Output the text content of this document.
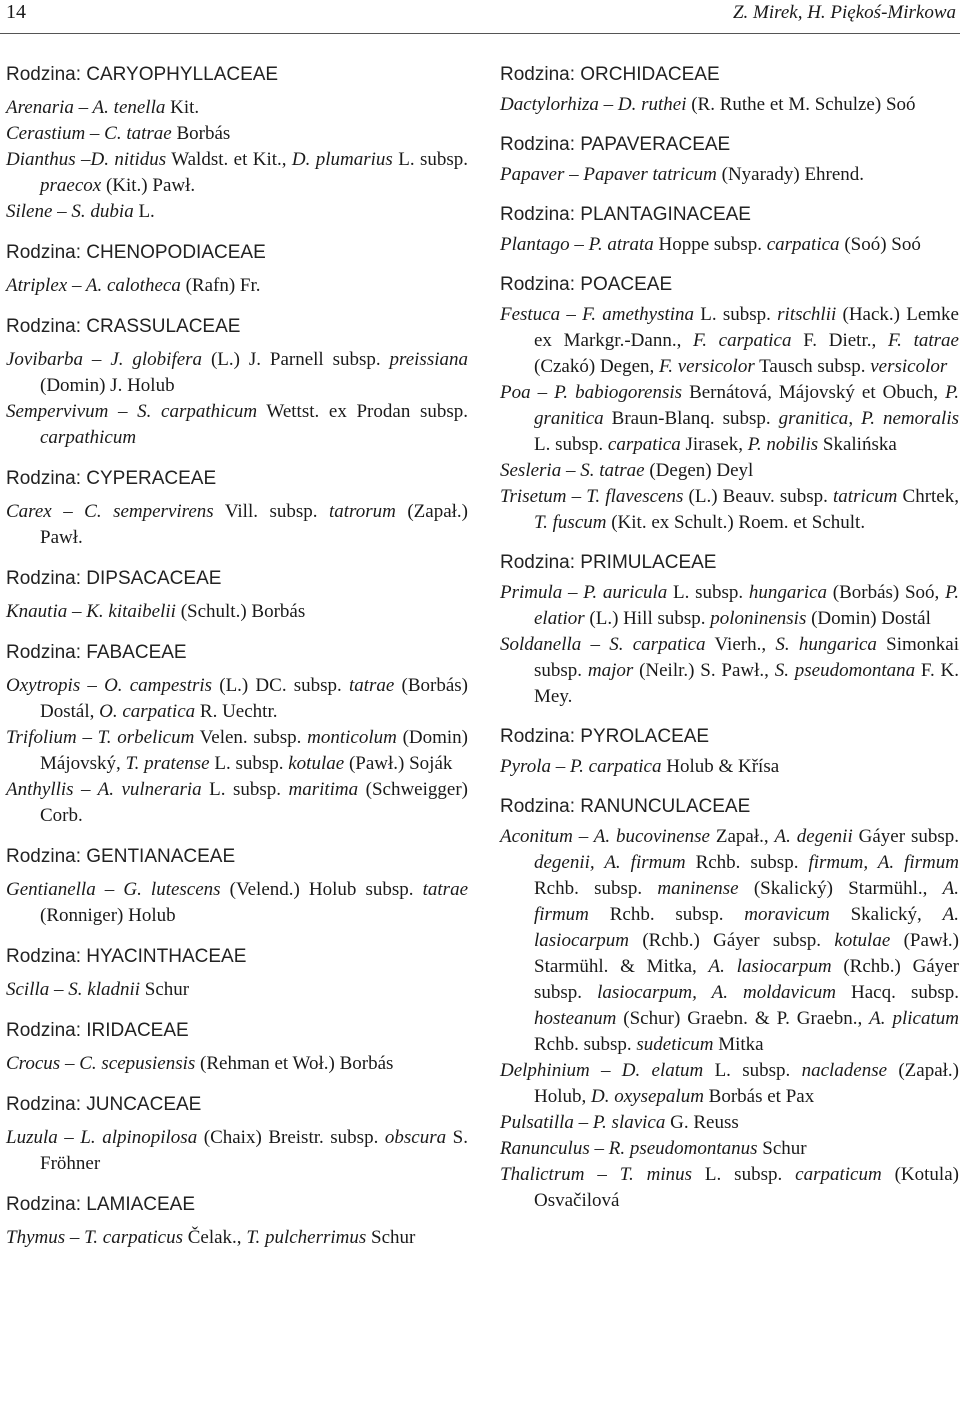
14	Z. Mirek, H. Piękoś-Mirkowa
Rodzina: CARYOPHYLLACEAE

Arenaria – A. tenella Kit.

Cerastium – C. tatrae Borbás

Dianthus –D. nitidus Waldst. et Kit., D. plumarius L. subsp. praecox (Kit.) Pawł.

Silene – S. dubia L.

Rodzina: CHENOPODIACEAE

Atriplex – A. calotheca (Rafn) Fr.

Rodzina: CRASSULACEAE

Jovibarba – J. globifera (L.) J. Parnell subsp. preissiana (Domin) J. Holub

Sempervivum – S. carpathicum Wettst. ex Prodan subsp. carpathicum

Rodzina: CYPERACEAE

Carex – C. sempervirens Vill. subsp. tatrorum (Zapał.) Pawł.

Rodzina: DIPSACACEAE

Knautia – K. kitaibelii (Schult.) Borbás

Rodzina: FABACEAE

Oxytropis – O. campestris (L.) DC. subsp. tatrae (Borbás) Dostál, O. carpatica R. Uechtr.

Trifolium – T. orbelicum Velen. subsp. monticolum (Domin) Májovský, T. pratense L. subsp. kotulae (Pawł.) Soják

Anthyllis – A. vulneraria L. subsp. maritima (Schweigger) Corb.

Rodzina: GENTIANACEAE

Gentianella – G. lutescens (Velend.) Holub subsp. tatrae (Ronniger) Holub

Rodzina: HYACINTHACEAE

Scilla – S. kladnii Schur

Rodzina: IRIDACEAE

Crocus – C. scepusiensis (Rehman et Woł.) Borbás

Rodzina: JUNCACEAE

Luzula – L. alpinopilosa (Chaix) Breistr. subsp. obscura S. Fröhner

Rodzina: LAMIACEAE

Thymus – T. carpaticus Čelak., T. pulcherrimus Schur

Rodzina: ORCHIDACEAE

Dactylorhiza – D. ruthei (R. Ruthe et M. Schulze) Soó

Rodzina: PAPAVERACEAE

Papaver – Papaver tatricum (Nyarady) Ehrend.

Rodzina: PLANTAGINACEAE

Plantago – P. atrata Hoppe subsp. carpatica (Soó) Soó

Rodzina: POACEAE

Festuca – F. amethystina L. subsp. ritschlii (Hack.) Lemke ex Markgr.-Dann., F. carpatica F. Dietr., F. tatrae (Czakó) Degen, F. versicolor Tausch subsp. versicolor

Poa – P. babiogorensis Bernátová, Májovský et Obuch, P. granitica Braun-Blanq. subsp. granitica, P. nemoralis L. subsp. carpatica Jirasek, P. nobilis Skalińska

Sesleria – S. tatrae (Degen) Deyl

Trisetum – T. flavescens (L.) Beauv. subsp. tatricum Chrtek, T. fuscum (Kit. ex Schult.) Roem. et Schult.

Rodzina: PRIMULACEAE

Primula – P. auricula L. subsp. hungarica (Borbás) Soó, P. elatior (L.) Hill subsp. poloninensis (Domin) Dostál

Soldanella – S. carpatica Vierh., S. hungarica Simonkai subsp. major (Neilr.) S. Pawł., S. pseudomontana F. K. Mey.

Rodzina: PYROLACEAE

Pyrola – P. carpatica Holub & Křísa

Rodzina: RANUNCULACEAE

Aconitum – A. bucovinense Zapał., A. degenii Gáyer subsp. degenii, A. firmum Rchb. subsp. firmum, A. firmum Rchb. subsp. maninense (Skalický) Starmühl., A. firmum Rchb. subsp. moravicum Skalický, A. lasiocarpum (Rchb.) Gáyer subsp. kotulae (Pawł.) Starmühl. & Mitka, A. lasiocarpum (Rchb.) Gáyer subsp. lasiocarpum, A. moldavicum Hacq. subsp. hosteanum (Schur) Graebn. & P. Graebn., A. plicatum Rchb. subsp. sudeticum Mitka

Delphinium – D. elatum L. subsp. nacladense (Zapał.) Holub, D. oxysepalum Borbás et Pax

Pulsatilla – P. slavica G. Reuss

Ranunculus – R. pseudomontanus Schur

Thalictrum – T. minus L. subsp. carpaticum (Kotula) Osvačilová
